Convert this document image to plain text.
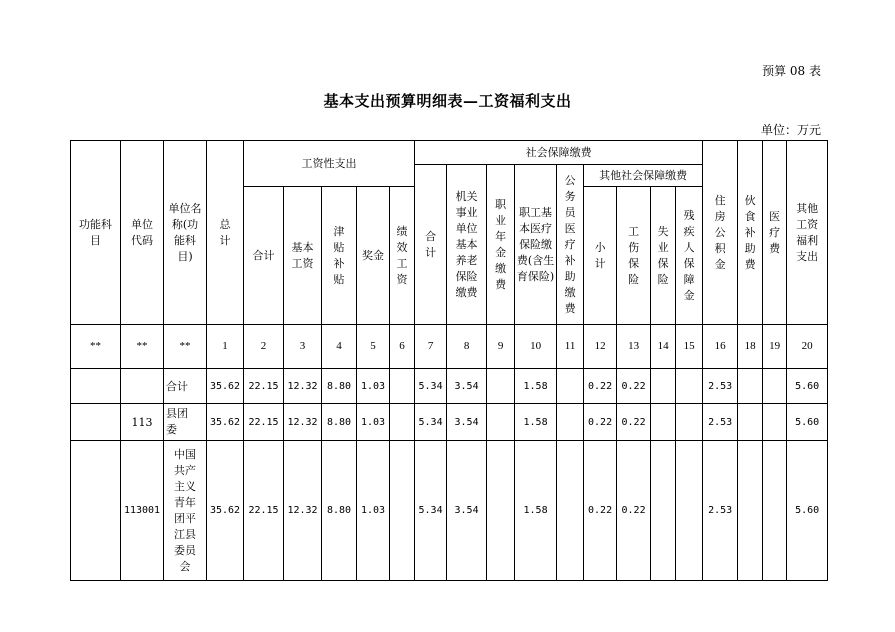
预算 08 表
基本支出预算明细表—工资福利支出
单位：万元
功能科目	单位代码	单位名称(功能科目)	总计	工资性支出					社会保障缴费									住房公积金	伙食补助费	医疗费	其他工资福利支出
									合计	机关事业单位基本养老保险缴费	职业年金缴费	职工基本医疗保险缴费(含生育保险)	公务员医疗补助缴费	其他社会保障缴费							
				合计	基本工资	津贴补贴	奖金	绩效工资						小计	工伤保险	失业保险	残疾人保障金				
**	**	**	1	2	3	4	5	6	7	8	9	10	11	12	13	14	15	16	18	19	20
		合计	35.62	22.15	12.32	8.80	1.03		5.34	3.54		1.58		0.22	0.22			2.53			5.60
	113	县团委	35.62	22.15	12.32	8.80	1.03		5.34	3.54		1.58		0.22	0.22			2.53			5.60
	113001	中国共产主义青年团平江县委员会	35.62	22.15	12.32	8.80	1.03		5.34	3.54		1.58		0.22	0.22			2.53			5.60
